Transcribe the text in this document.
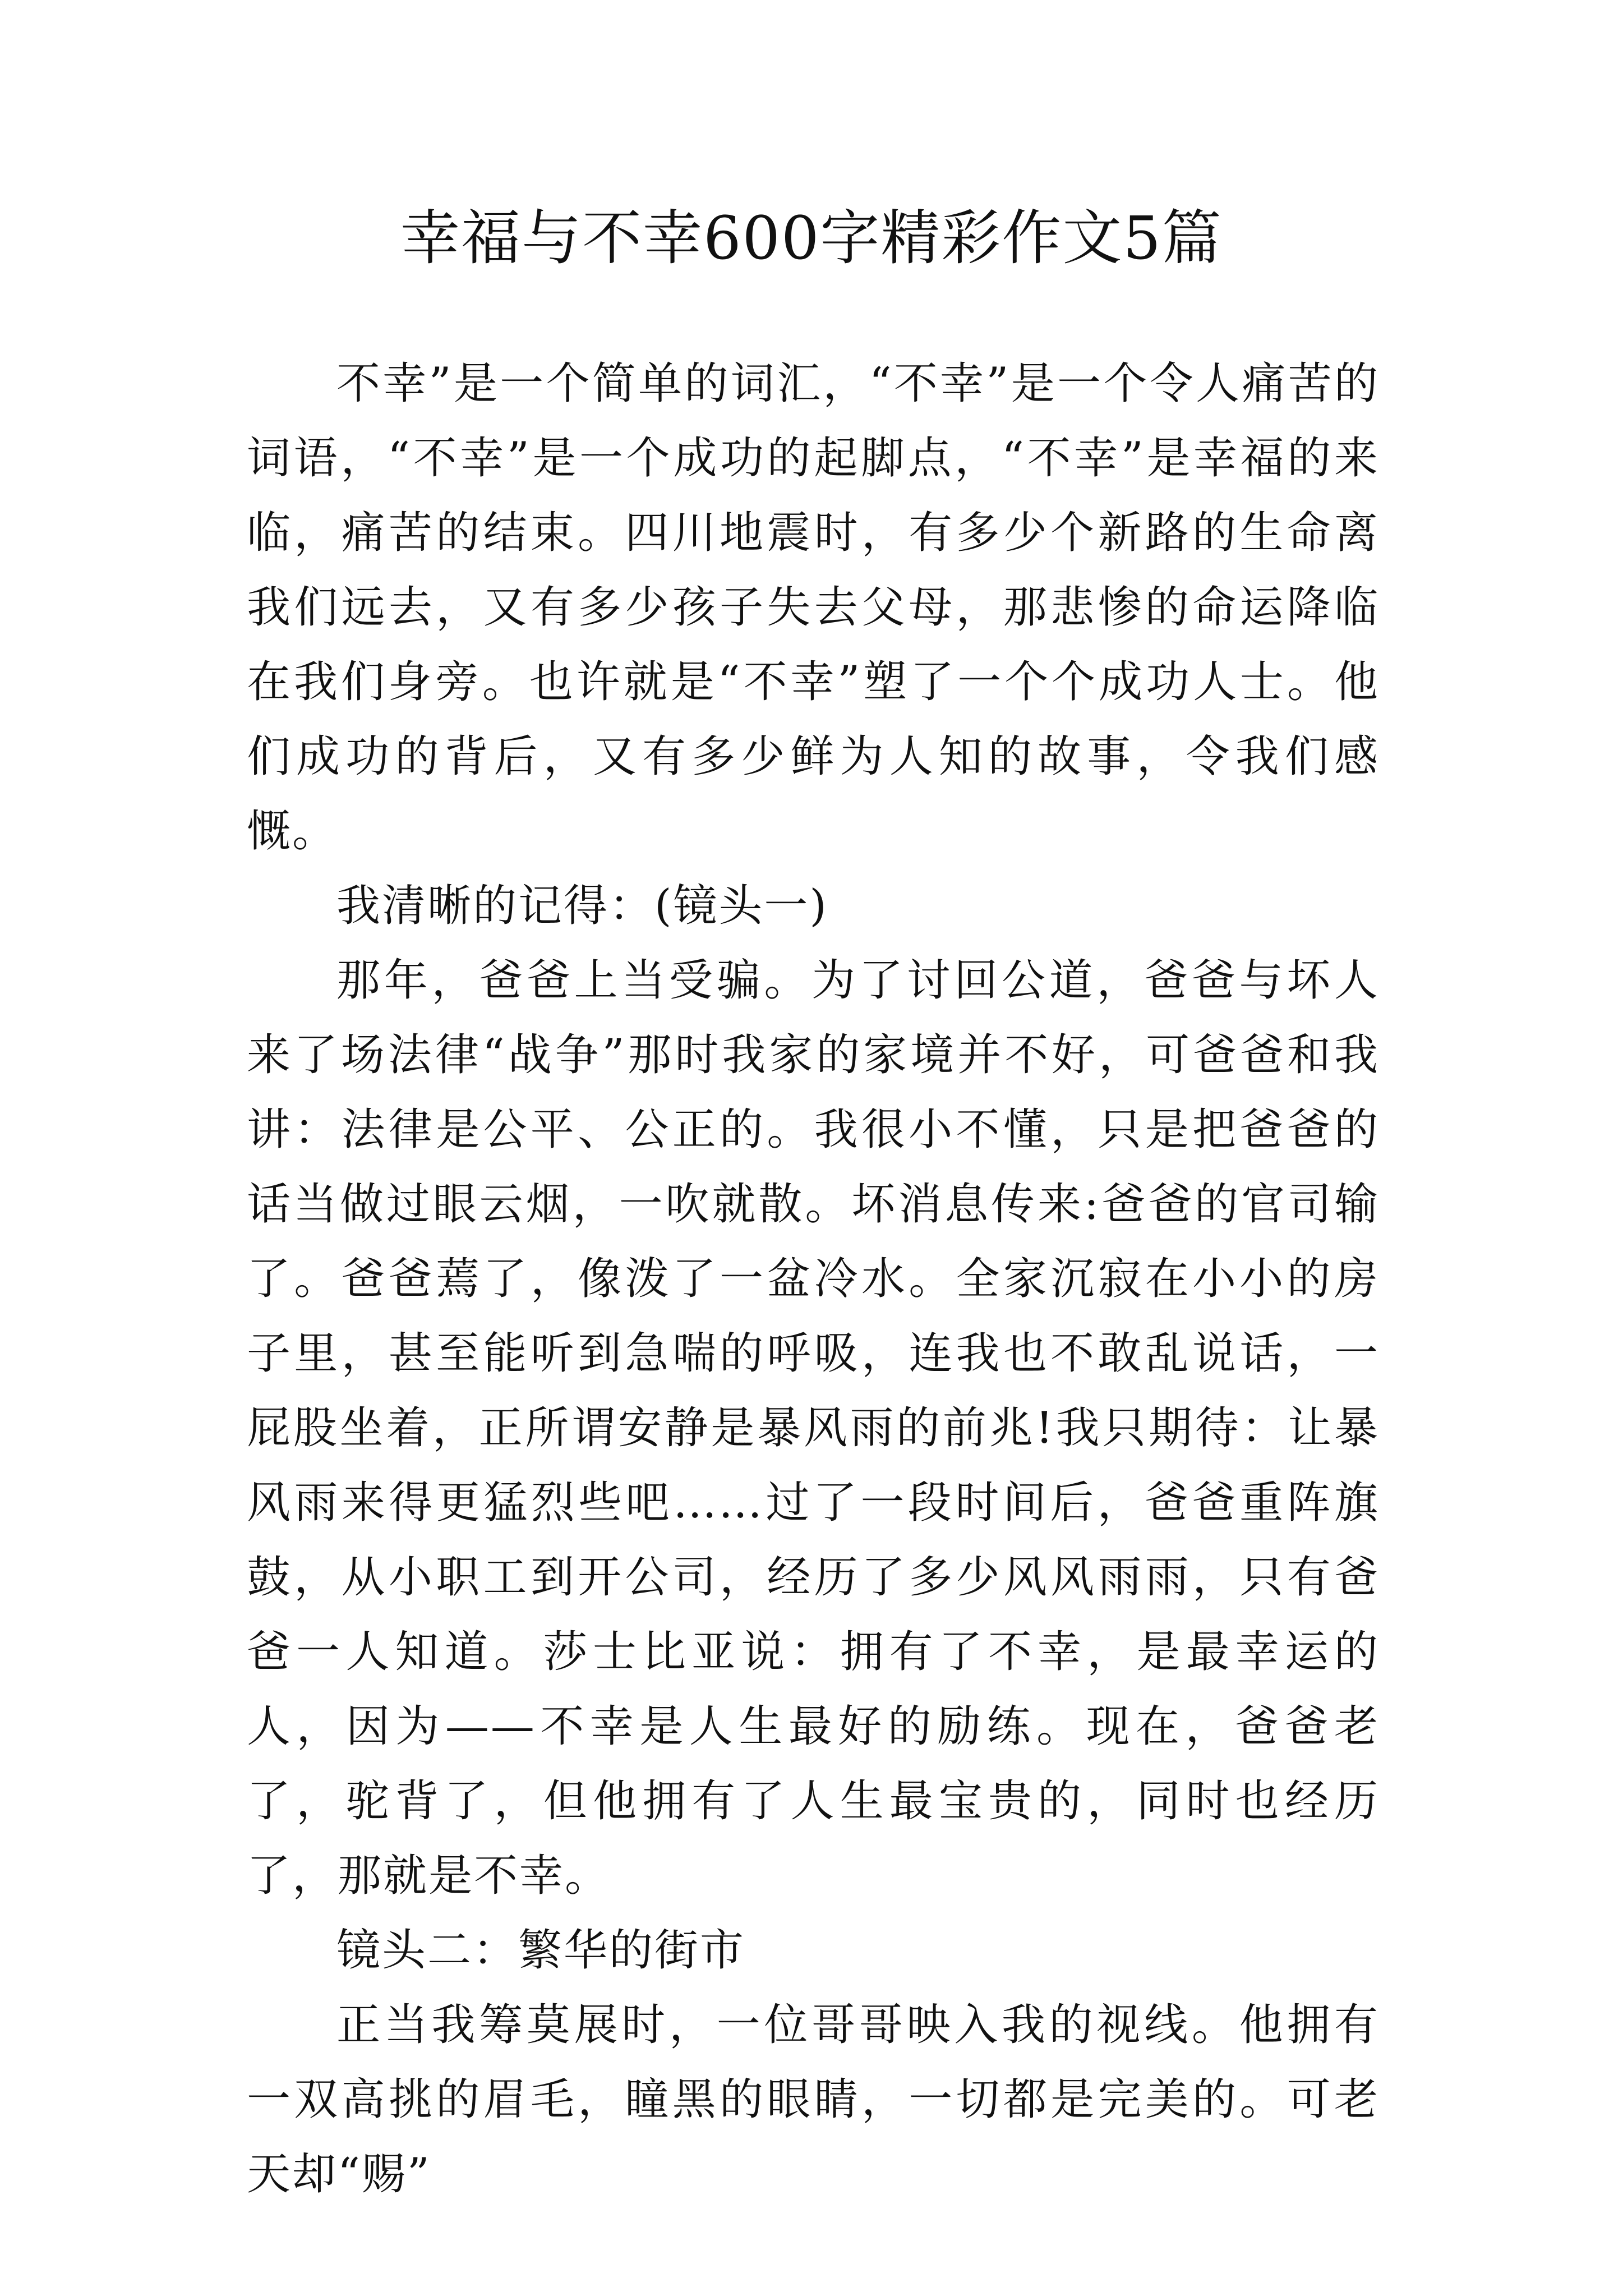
幸福与不幸600字精彩作文5篇

不幸”是一个简单的词汇，“不幸”是一个令人痛苦的词语，“不幸”是一个成功的起脚点，“不幸”是幸福的来临，痛苦的结束。四川地震时，有多少个新路的生命离我们远去，又有多少孩子失去父母，那悲惨的命运降临在我们身旁。也许就是“不幸”塑了一个个成功人士。他们成功的背后，又有多少鲜为人知的故事，令我们感慨。

我清晰的记得：(镜头一)

那年，爸爸上当受骗。为了讨回公道，爸爸与坏人来了场法律“战争”那时我家的家境并不好，可爸爸和我讲：法律是公平、公正的。我很小不懂，只是把爸爸的话当做过眼云烟，一吹就散。坏消息传来:爸爸的官司输了。爸爸蔫了，像泼了一盆冷水。全家沉寂在小小的房子里，甚至能听到急喘的呼吸，连我也不敢乱说话，一屁股坐着，正所谓安静是暴风雨的前兆!我只期待：让暴风雨来得更猛烈些吧……过了一段时间后，爸爸重阵旗鼓，从小职工到开公司，经历了多少风风雨雨，只有爸爸一人知道。莎士比亚说：拥有了不幸，是最幸运的人，因为——不幸是人生最好的励练。现在，爸爸老了，驼背了，但他拥有了人生最宝贵的，同时也经历了，那就是不幸。

镜头二：繁华的街市

正当我筹莫展时，一位哥哥映入我的视线。他拥有一双高挑的眉毛，瞳黑的眼睛，一切都是完美的。可老天却“赐”
